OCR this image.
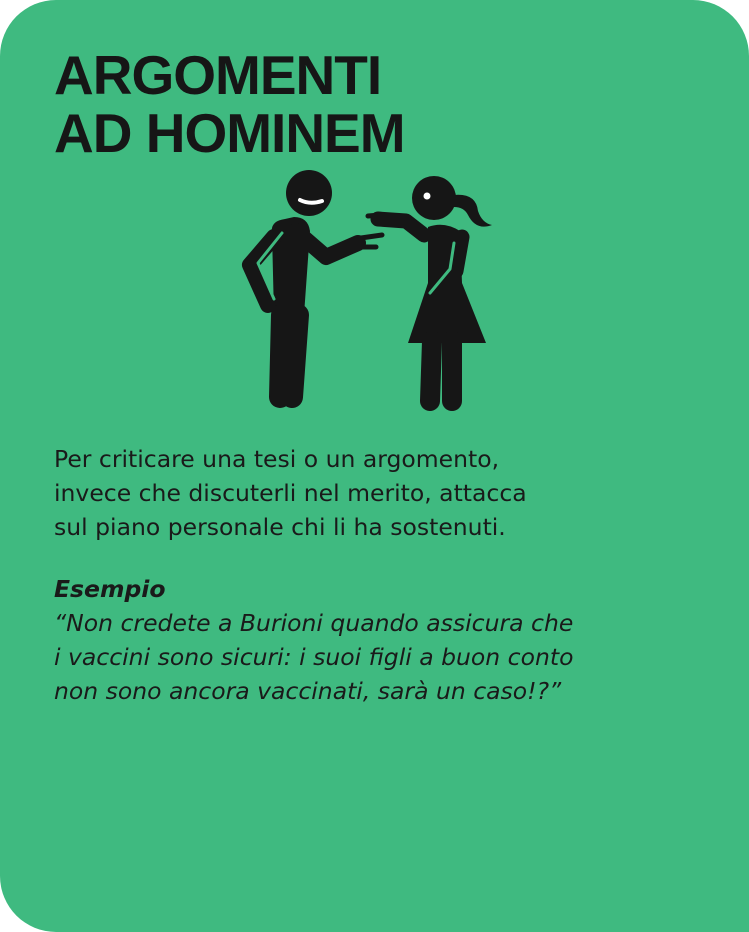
ARGOMENTI
AD HOMINEM

Per criticare una tesi o un argomento,
invece che discuterli nel merito, attacca
sul piano personale chi li ha sostenuti.

Esempio

“Non credete a Burioni quando assicura che
i vaccini sono sicuri: i suoi figli a buon conto
non sono ancora vaccinati, sarà un caso!?”
